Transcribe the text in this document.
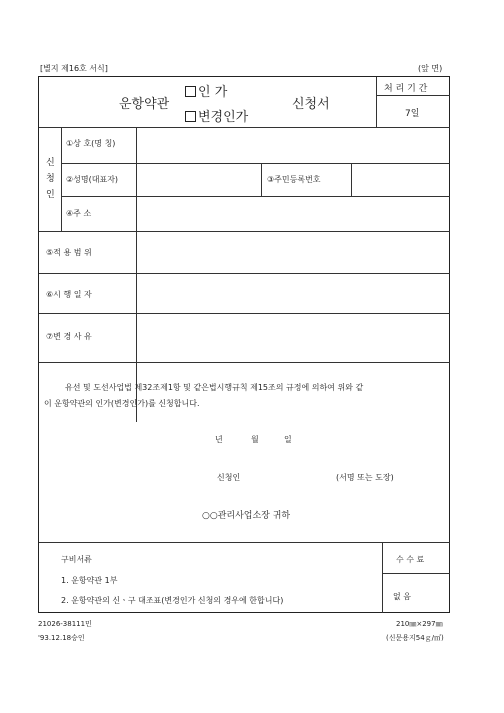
[별지 제16호 서식]	(앞 면)
운항약관
인 가
변경인가
신청서
처 리 기 간
7일
신
청
인
①상 호(명 칭)
②성명(대표자)	③주민등록번호
④주 소
⑤적 용 범 위
⑥시 행 일 자
⑦변 경 사 유
유선 및 도선사업법 제32조제1항 및 같은법시행규칙 제15조의 규정에 의하여 위와 같
이 운항약관의 인가(변경인가)를 신청합니다.
년	월	일
신청인	(서명 또는 도장)
○○관리사업소장 귀하
구비서류
1. 운항약관 1부
2. 운항약관의 신ㆍ구 대조표(변경인가 신청의 경우에 한합니다)
수 수 료
없 음
21026-38111민
'93.12.18승인
210㎜×297㎜
(신문용지54ｇ/㎡)
